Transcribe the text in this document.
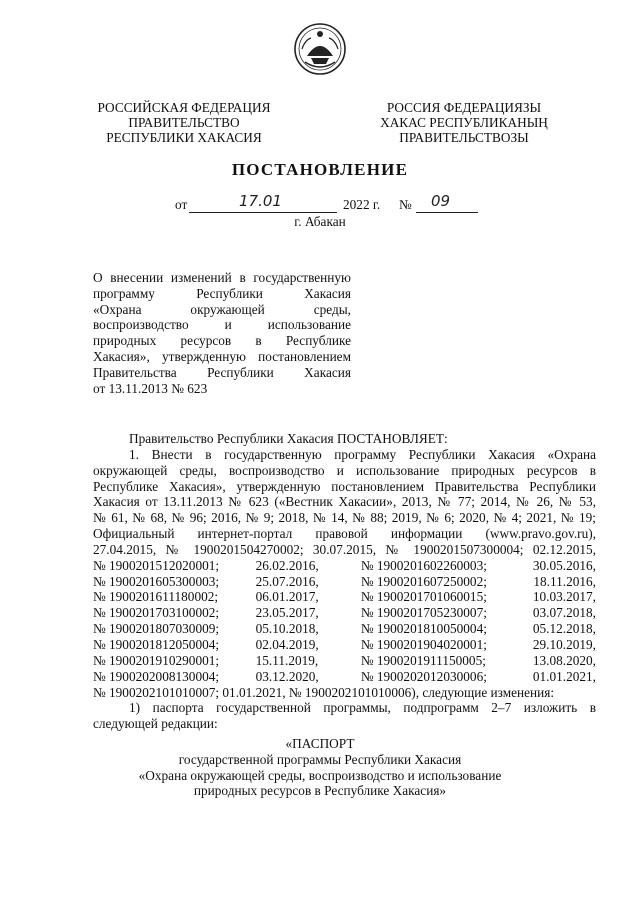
РОССИЙСКАЯ ФЕДЕРАЦИЯ
ПРАВИТЕЛЬСТВО
РЕСПУБЛИКИ ХАКАСИЯ
РОССИЯ ФЕДЕРАЦИЯЗЫ
ХАКАС РЕСПУБЛИКАНЫҢ
ПРАВИТЕЛЬСТВОЗЫ
ПОСТАНОВЛЕНИЕ
от	17.01	2022 г. № 09
г. Абакан
О внесении изменений в государственную
программу Республики Хакасия
«Охрана окружающей среды,
воспроизводство и использование
природных ресурсов в Республике
Хакасия», утвержденную постановлением
Правительства Республики Хакасия
от 13.11.2013 № 623

Правительство Республики Хакасия ПОСТАНОВЛЯЕТ:

1. Внести в государственную программу Республики Хакасия «Охрана

окружающей среды, воспроизводство и использование природных ресурсов в

Республике Хакасия», утвержденную постановлением Правительства Республики

Хакасия от 13.11.2013 № 623 («Вестник Хакасии», 2013, № 77; 2014, № 26, № 53,

№ 61, № 68, № 96; 2016, № 9; 2018, № 14, № 88; 2019, № 6; 2020, № 4; 2021, № 19;

Официальный интернет-портал правовой информации (www.pravo.gov.ru),

27.04.2015, № 1900201504270002; 30.07.2015, № 1900201507300004; 02.12.2015,

№ 1900201512020001;	26.02.2016,	№ 1900201602260003;	30.05.2016,
№ 1900201605300003;	25.07.2016,	№ 1900201607250002;	18.11.2016,
№ 1900201611180002;	06.01.2017,	№ 1900201701060015;	10.03.2017,
№ 1900201703100002;	23.05.2017,	№ 1900201705230007;	03.07.2018,
№ 1900201807030009;	05.10.2018,	№ 1900201810050004;	05.12.2018,
№ 1900201812050004;	02.04.2019,	№ 1900201904020001;	29.10.2019,
№ 1900201910290001;	15.11.2019,	№ 1900201911150005;	13.08.2020,
№ 1900202008130004;	03.12.2020,	№ 1900202012030006;	01.01.2021,

№ 1900202101010007; 01.01.2021, № 1900202101010006), следующие изменения:

1) паспорта государственной программы, подпрограмм 2–7 изложить в

следующей редакции:

«ПАСПОРТ
государственной программы Республики Хакасия
«Охрана окружающей среды, воспроизводство и использование
природных ресурсов в Республике Хакасия»
